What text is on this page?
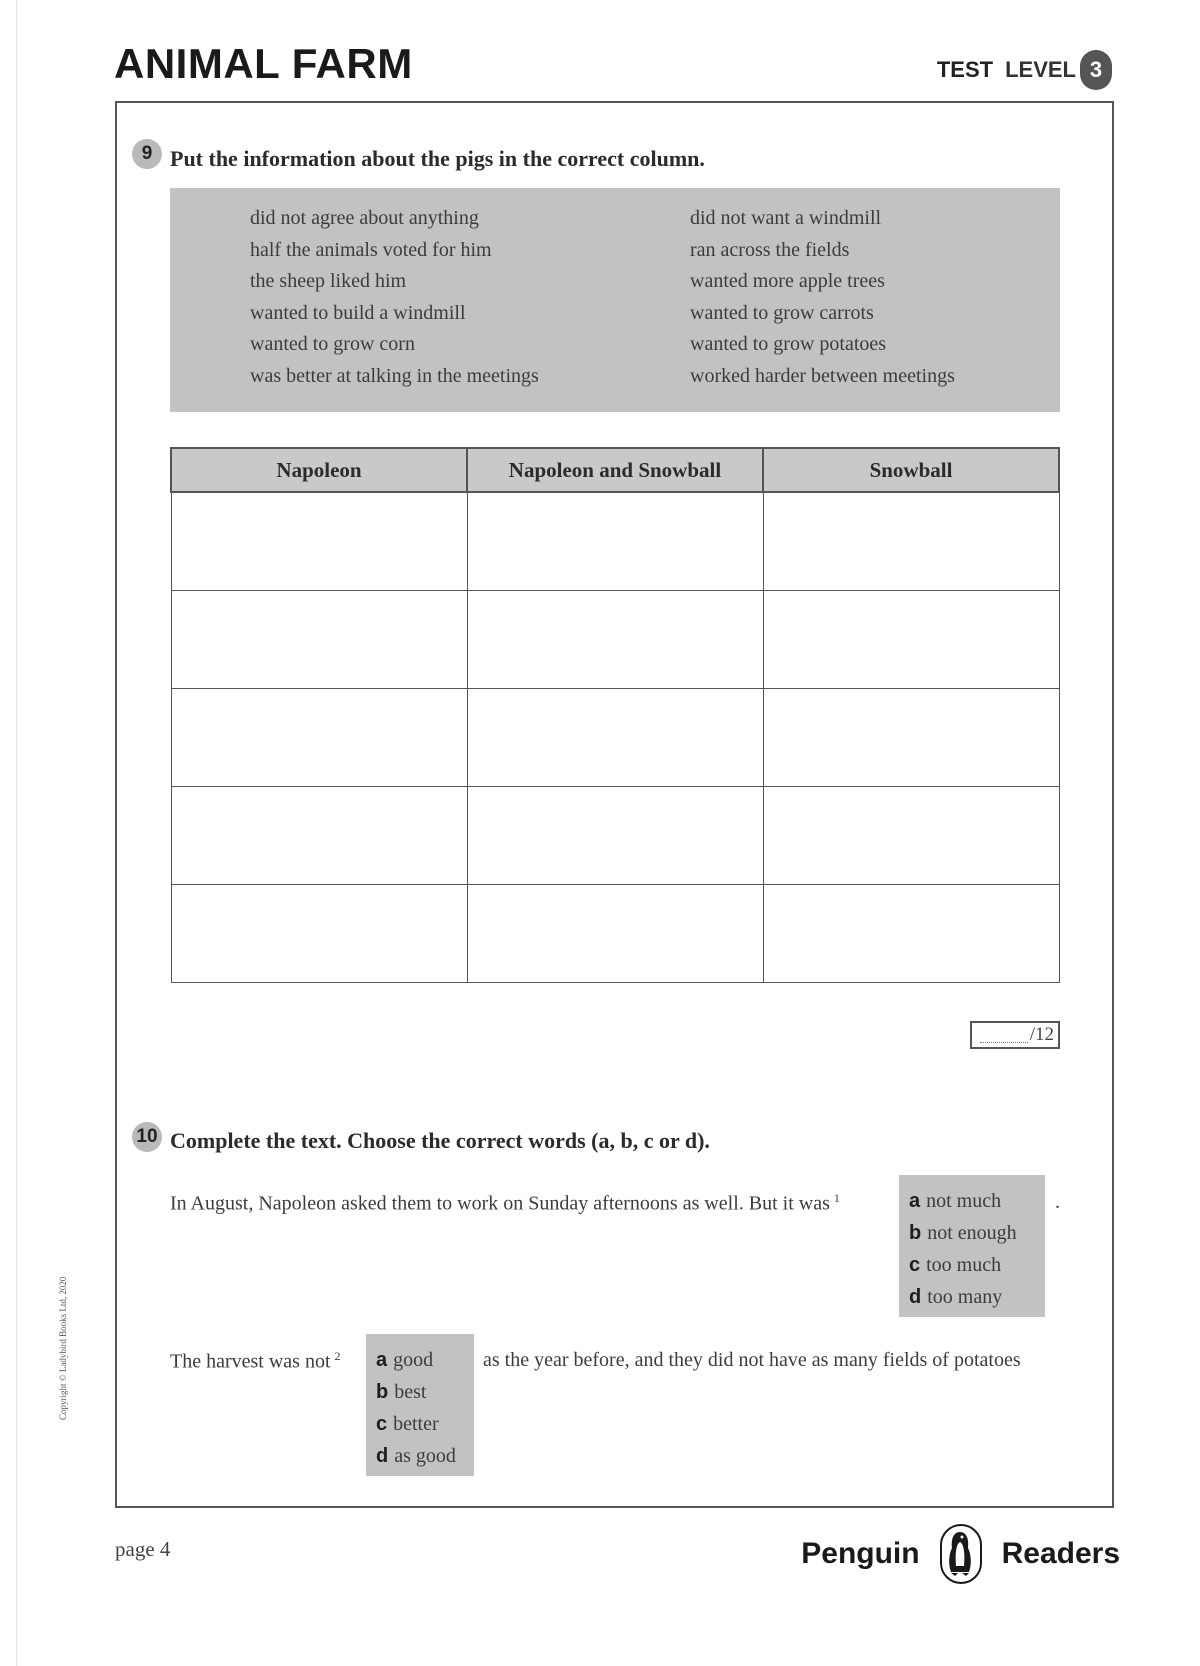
ANIMAL FARM	TEST LEVEL 3

Copyright © Ladybird Books Ltd, 2020

9 Put the information about the pigs in the correct column.

did not agree about anything
half the animals voted for him
the sheep liked him
wanted to build a windmill
wanted to grow corn
was better at talking in the meetings
did not want a windmill
ran across the fields
wanted more apple trees
wanted to grow carrots
wanted to grow potatoes
worked harder between meetings
Napoleon	Napoleon and Snowball	Snowball

/12
10 Complete the text. Choose the correct words (a, b, c or d).

In August, Napoleon asked them to work on Sunday afternoons as well. But it was $^1$	a not much
b not enough
c too much
d too many

.

The harvest was not $^2$ a good
b best
c better
d as good

as the year before, and they did not have as many fields of potatoes

page 4	Penguin	Readers
